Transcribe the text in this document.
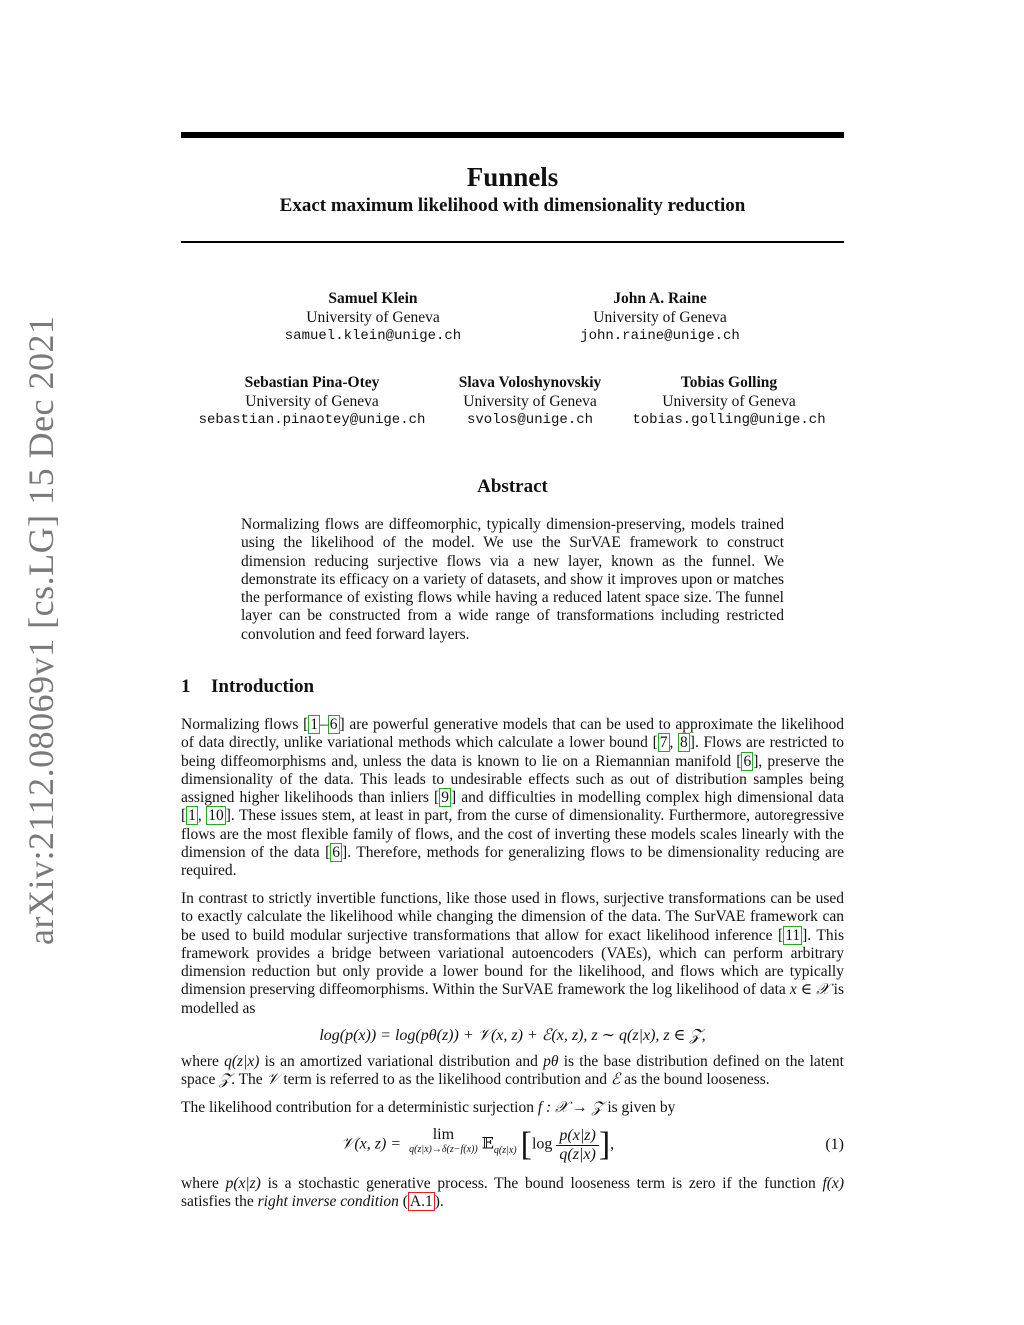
arXiv:2112.08069v1 [cs.LG] 15 Dec 2021
Funnels
Exact maximum likelihood with dimensionality reduction
Samuel Klein
University of Geneva
samuel.klein@unige.ch
John A. Raine
University of Geneva
john.raine@unige.ch
Sebastian Pina-Otey
University of Geneva
sebastian.pinaotey@unige.ch
Slava Voloshynovskiy
University of Geneva
svolos@unige.ch
Tobias Golling
University of Geneva
tobias.golling@unige.ch
Abstract
Normalizing flows are diffeomorphic, typically dimension-preserving, models trained using the likelihood of the model. We use the SurVAE framework to construct dimension reducing surjective flows via a new layer, known as the funnel. We demonstrate its efficacy on a variety of datasets, and show it improves upon or matches the performance of existing flows while having a reduced latent space size. The funnel layer can be constructed from a wide range of transformations including restricted convolution and feed forward layers.
1 Introduction
Normalizing flows [ 1 – 6 ] are powerful generative models that can be used to approximate the likelihood of data directly, unlike variational methods which calculate a lower bound [ 7 , 8 ]. Flows are restricted to being diffeomorphisms and, unless the data is known to lie on a Riemannian manifold [ 6 ], preserve the dimensionality of the data. This leads to undesirable effects such as out of distribution samples being assigned higher likelihoods than inliers [ 9 ] and difficulties in modelling complex high dimensional data [ 1 , 10 ]. These issues stem, at least in part, from the curse of dimensionality. Furthermore, autoregressive flows are the most flexible family of flows, and the cost of inverting these models scales linearly with the dimension of the data [ 6 ]. Therefore, methods for generalizing flows to be dimensionality reducing are required.
In contrast to strictly invertible functions, like those used in flows, surjective transformations can be used to exactly calculate the likelihood while changing the dimension of the data. The SurVAE framework can be used to build modular surjective transformations that allow for exact likelihood inference [ 11 ]. This framework provides a bridge between variational autoencoders (VAEs), which can perform arbitrary dimension reduction but only provide a lower bound for the likelihood, and flows which are typically dimension preserving diffeomorphisms. Within the SurVAE framework the log likelihood of data x ∈ 𝒳 is modelled as
log(p(x)) = log(pθ(z)) + 𝒱(x, z) + ℰ(x, z), z ∼ q(z|x), z ∈ 𝒵,
where q(z|x) is an amortized variational distribution and pθ is the base distribution defined on the latent space 𝒵. The 𝒱 term is referred to as the likelihood contribution and ℰ as the bound looseness.
The likelihood contribution for a deterministic surjection f : 𝒳 → 𝒵 is given by
𝒱(x, z) =
lim
q(z|x)→δ(z−f(x)) 𝔼$_{q(z|x)}$ [$\log \frac{p(x|z)}{q(z|x)}$ ],	(1)
where p(x|z) is a stochastic generative process. The bound looseness term is zero if the function f(x) satisfies the right inverse condition ( A.1 ).
